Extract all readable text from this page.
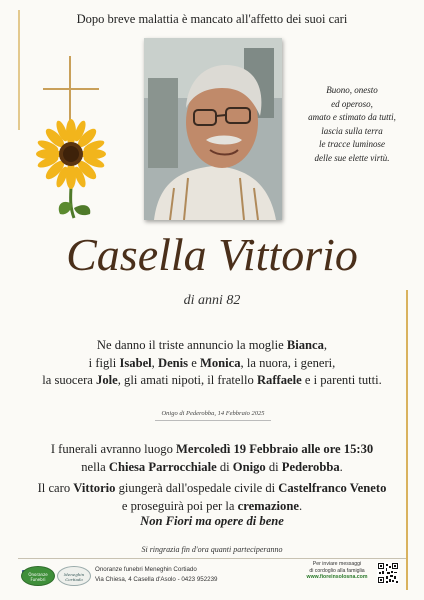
Dopo breve malattia è mancato all'affetto dei suoi cari
Buono, onesto
ed operoso,
amato e stimato da tutti,
lascia sulla terra
le tracce luminose
delle sue elette virtù.
Casella Vittorio
di anni 82
Ne danno il triste annuncio la moglie Bianca,
i figli Isabel, Denis e Monica, la nuora, i generi,
la suocera Jole, gli amati nipoti, il fratello Raffaele e i parenti tutti.
Onigo di Pederobba, 14 Febbraio 2025
I funerali avranno luogo Mercoledì 19 Febbraio alle ore 15:30
nella Chiesa Parrocchiale di Onigo di Pederobba.
Il caro Vittorio giungerà dall'ospedale civile di Castelfranco Veneto
e proseguirà poi per la cremazione.
Non Fiori ma opere di bene
Si ringrazia fin d'ora quanti parteciperanno
Onoranze Funebri
Meneghin Cortiado
Onoranze funebri Meneghin Cortiado
Via Chiesa, 4 Casella d'Asolo - 0423 952239
Per inviare messaggi
di cordoglio alla famiglia
www.fioreinsolosna.com
